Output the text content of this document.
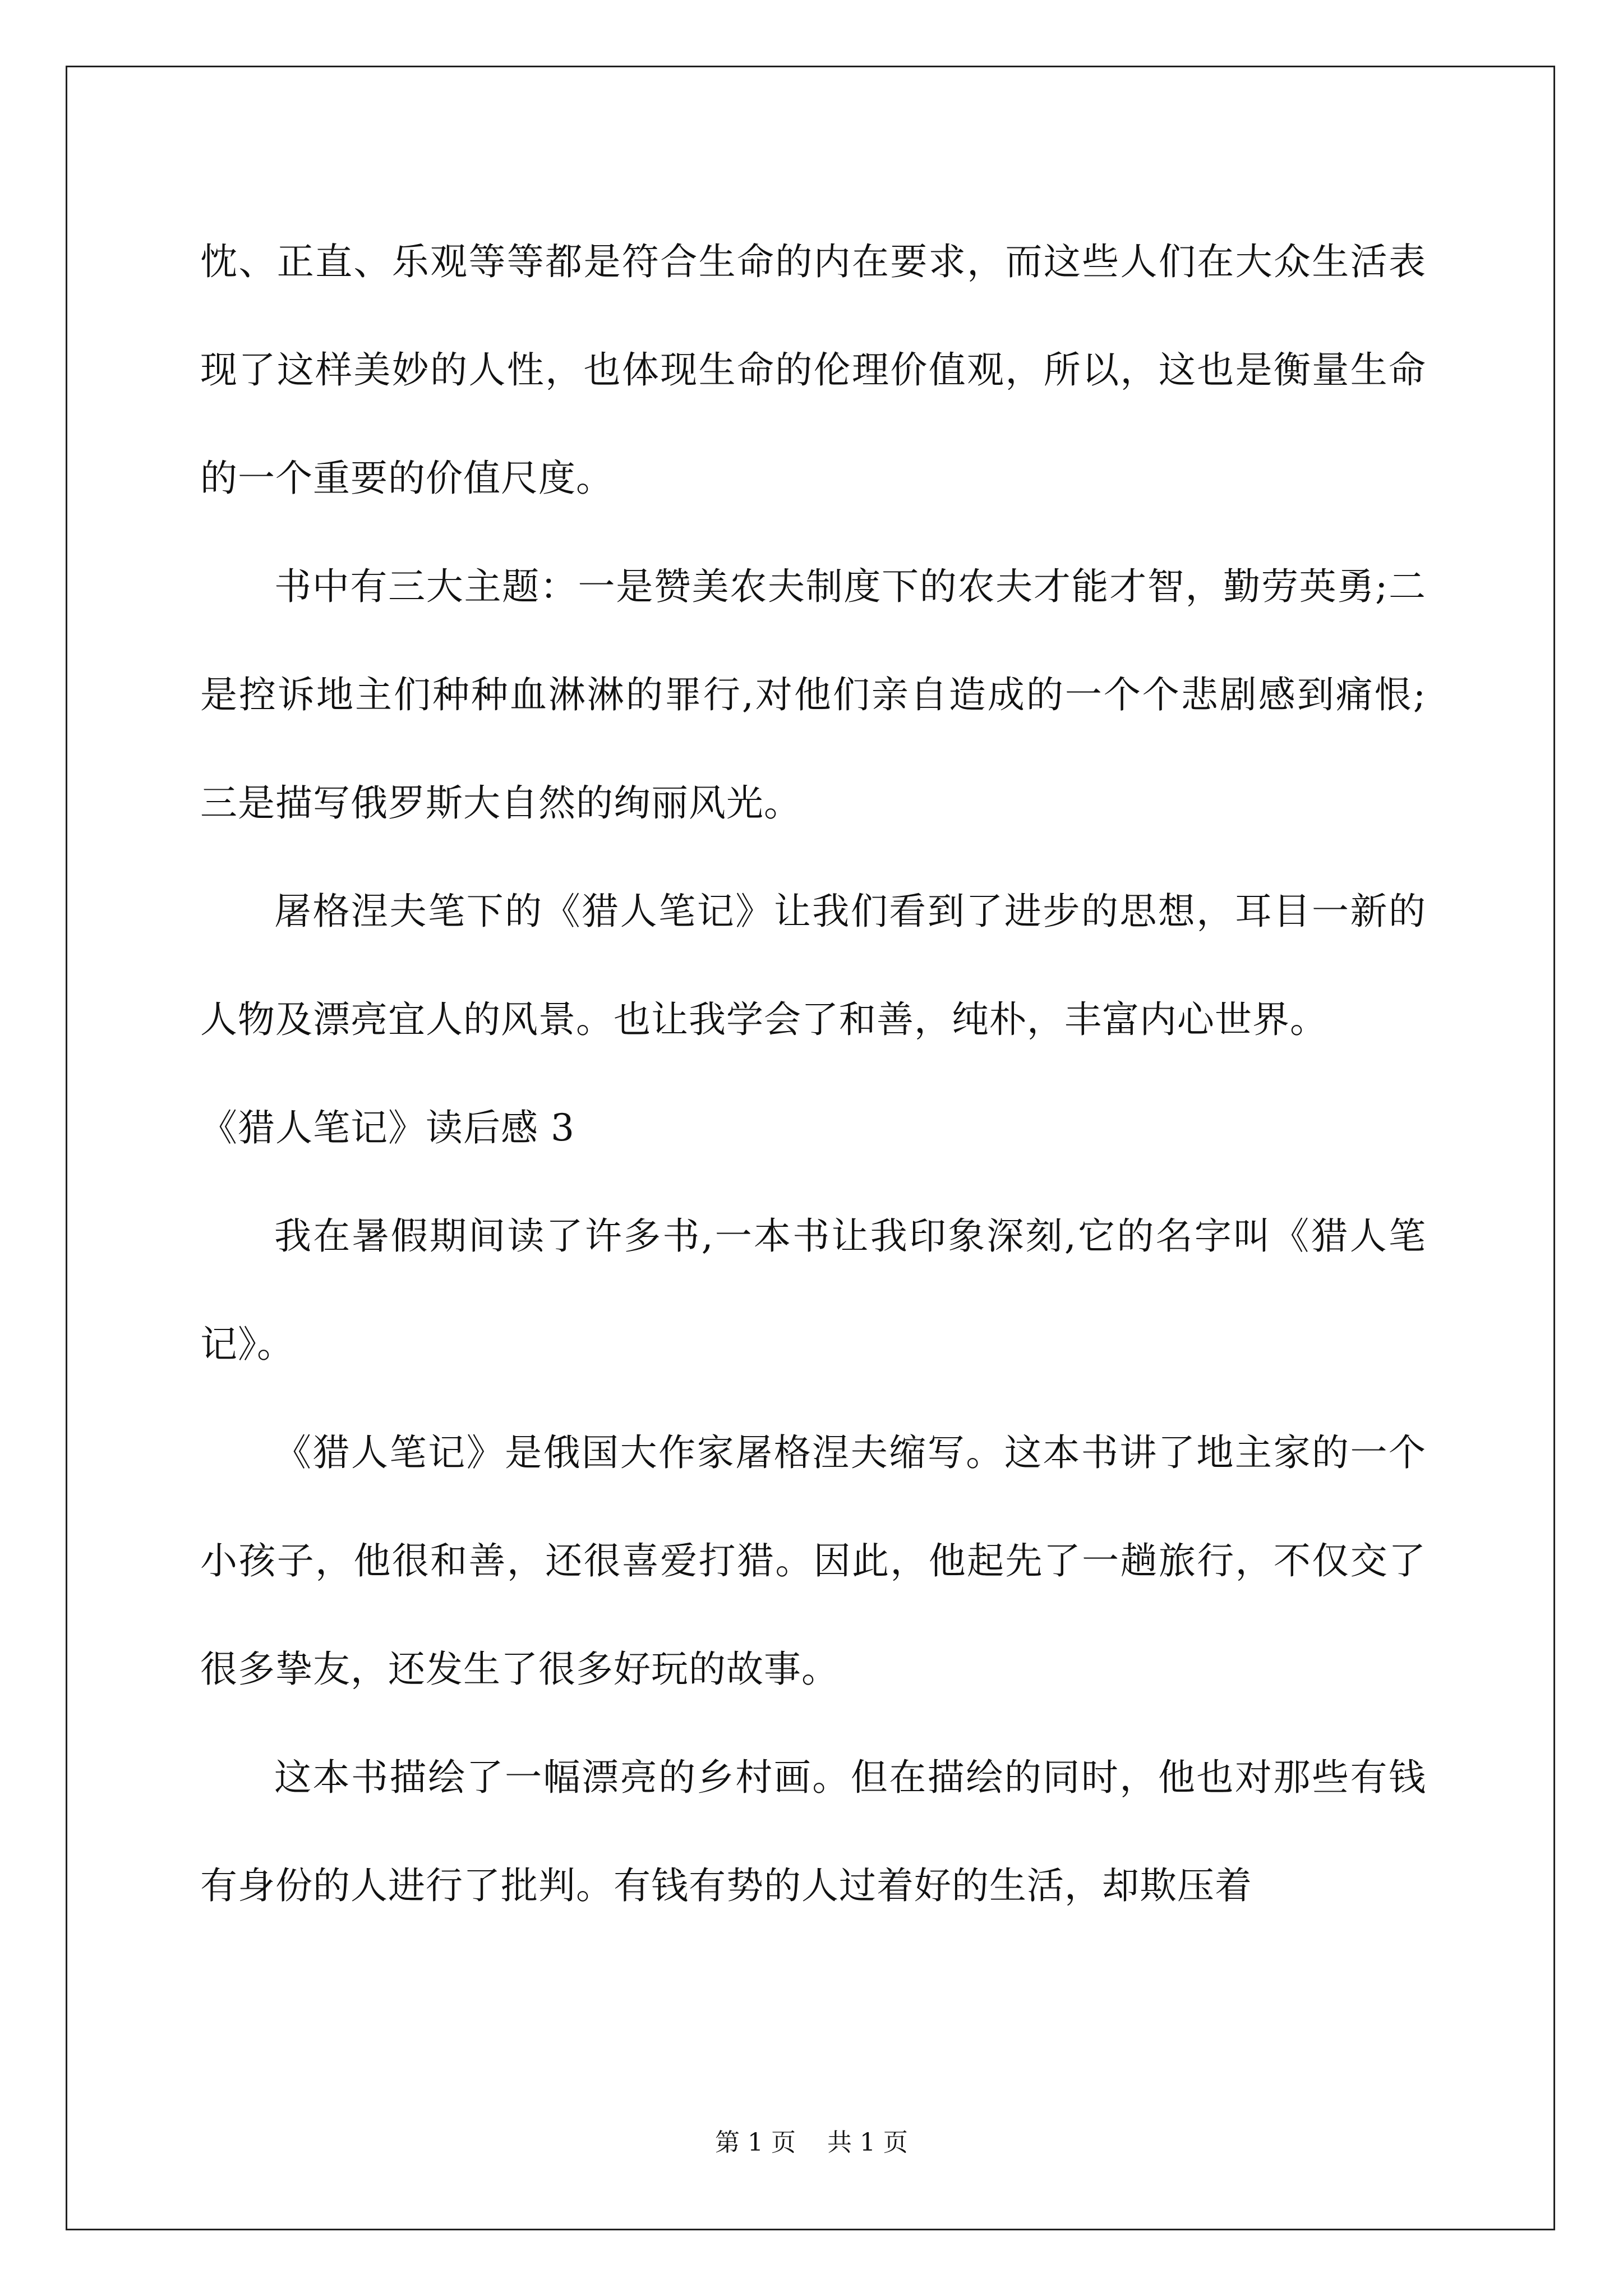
忱、正直、乐观等等都是符合生命的内在要求，而这些人们在大众生活表现了这样美妙的人性，也体现生命的伦理价值观，所以，这也是衡量生命的一个重要的价值尺度。

书中有三大主题：一是赞美农夫制度下的农夫才能才智，勤劳英勇;二是控诉地主们种种血淋淋的罪行,对他们亲自造成的一个个悲剧感到痛恨;三是描写俄罗斯大自然的绚丽风光。

屠格涅夫笔下的《猎人笔记》让我们看到了进步的思想，耳目一新的人物及漂亮宜人的风景。也让我学会了和善，纯朴，丰富内心世界。

《猎人笔记》读后感 3

我在暑假期间读了许多书,一本书让我印象深刻,它的名字叫《猎人笔记》。

《猎人笔记》是俄国大作家屠格涅夫缩写。这本书讲了地主家的一个小孩子，他很和善，还很喜爱打猎。因此，他起先了一趟旅行，不仅交了很多挚友，还发生了很多好玩的故事。

这本书描绘了一幅漂亮的乡村画。但在描绘的同时，他也对那些有钱有身份的人进行了批判。有钱有势的人过着好的生活，却欺压着

第 1 页 共 1 页
